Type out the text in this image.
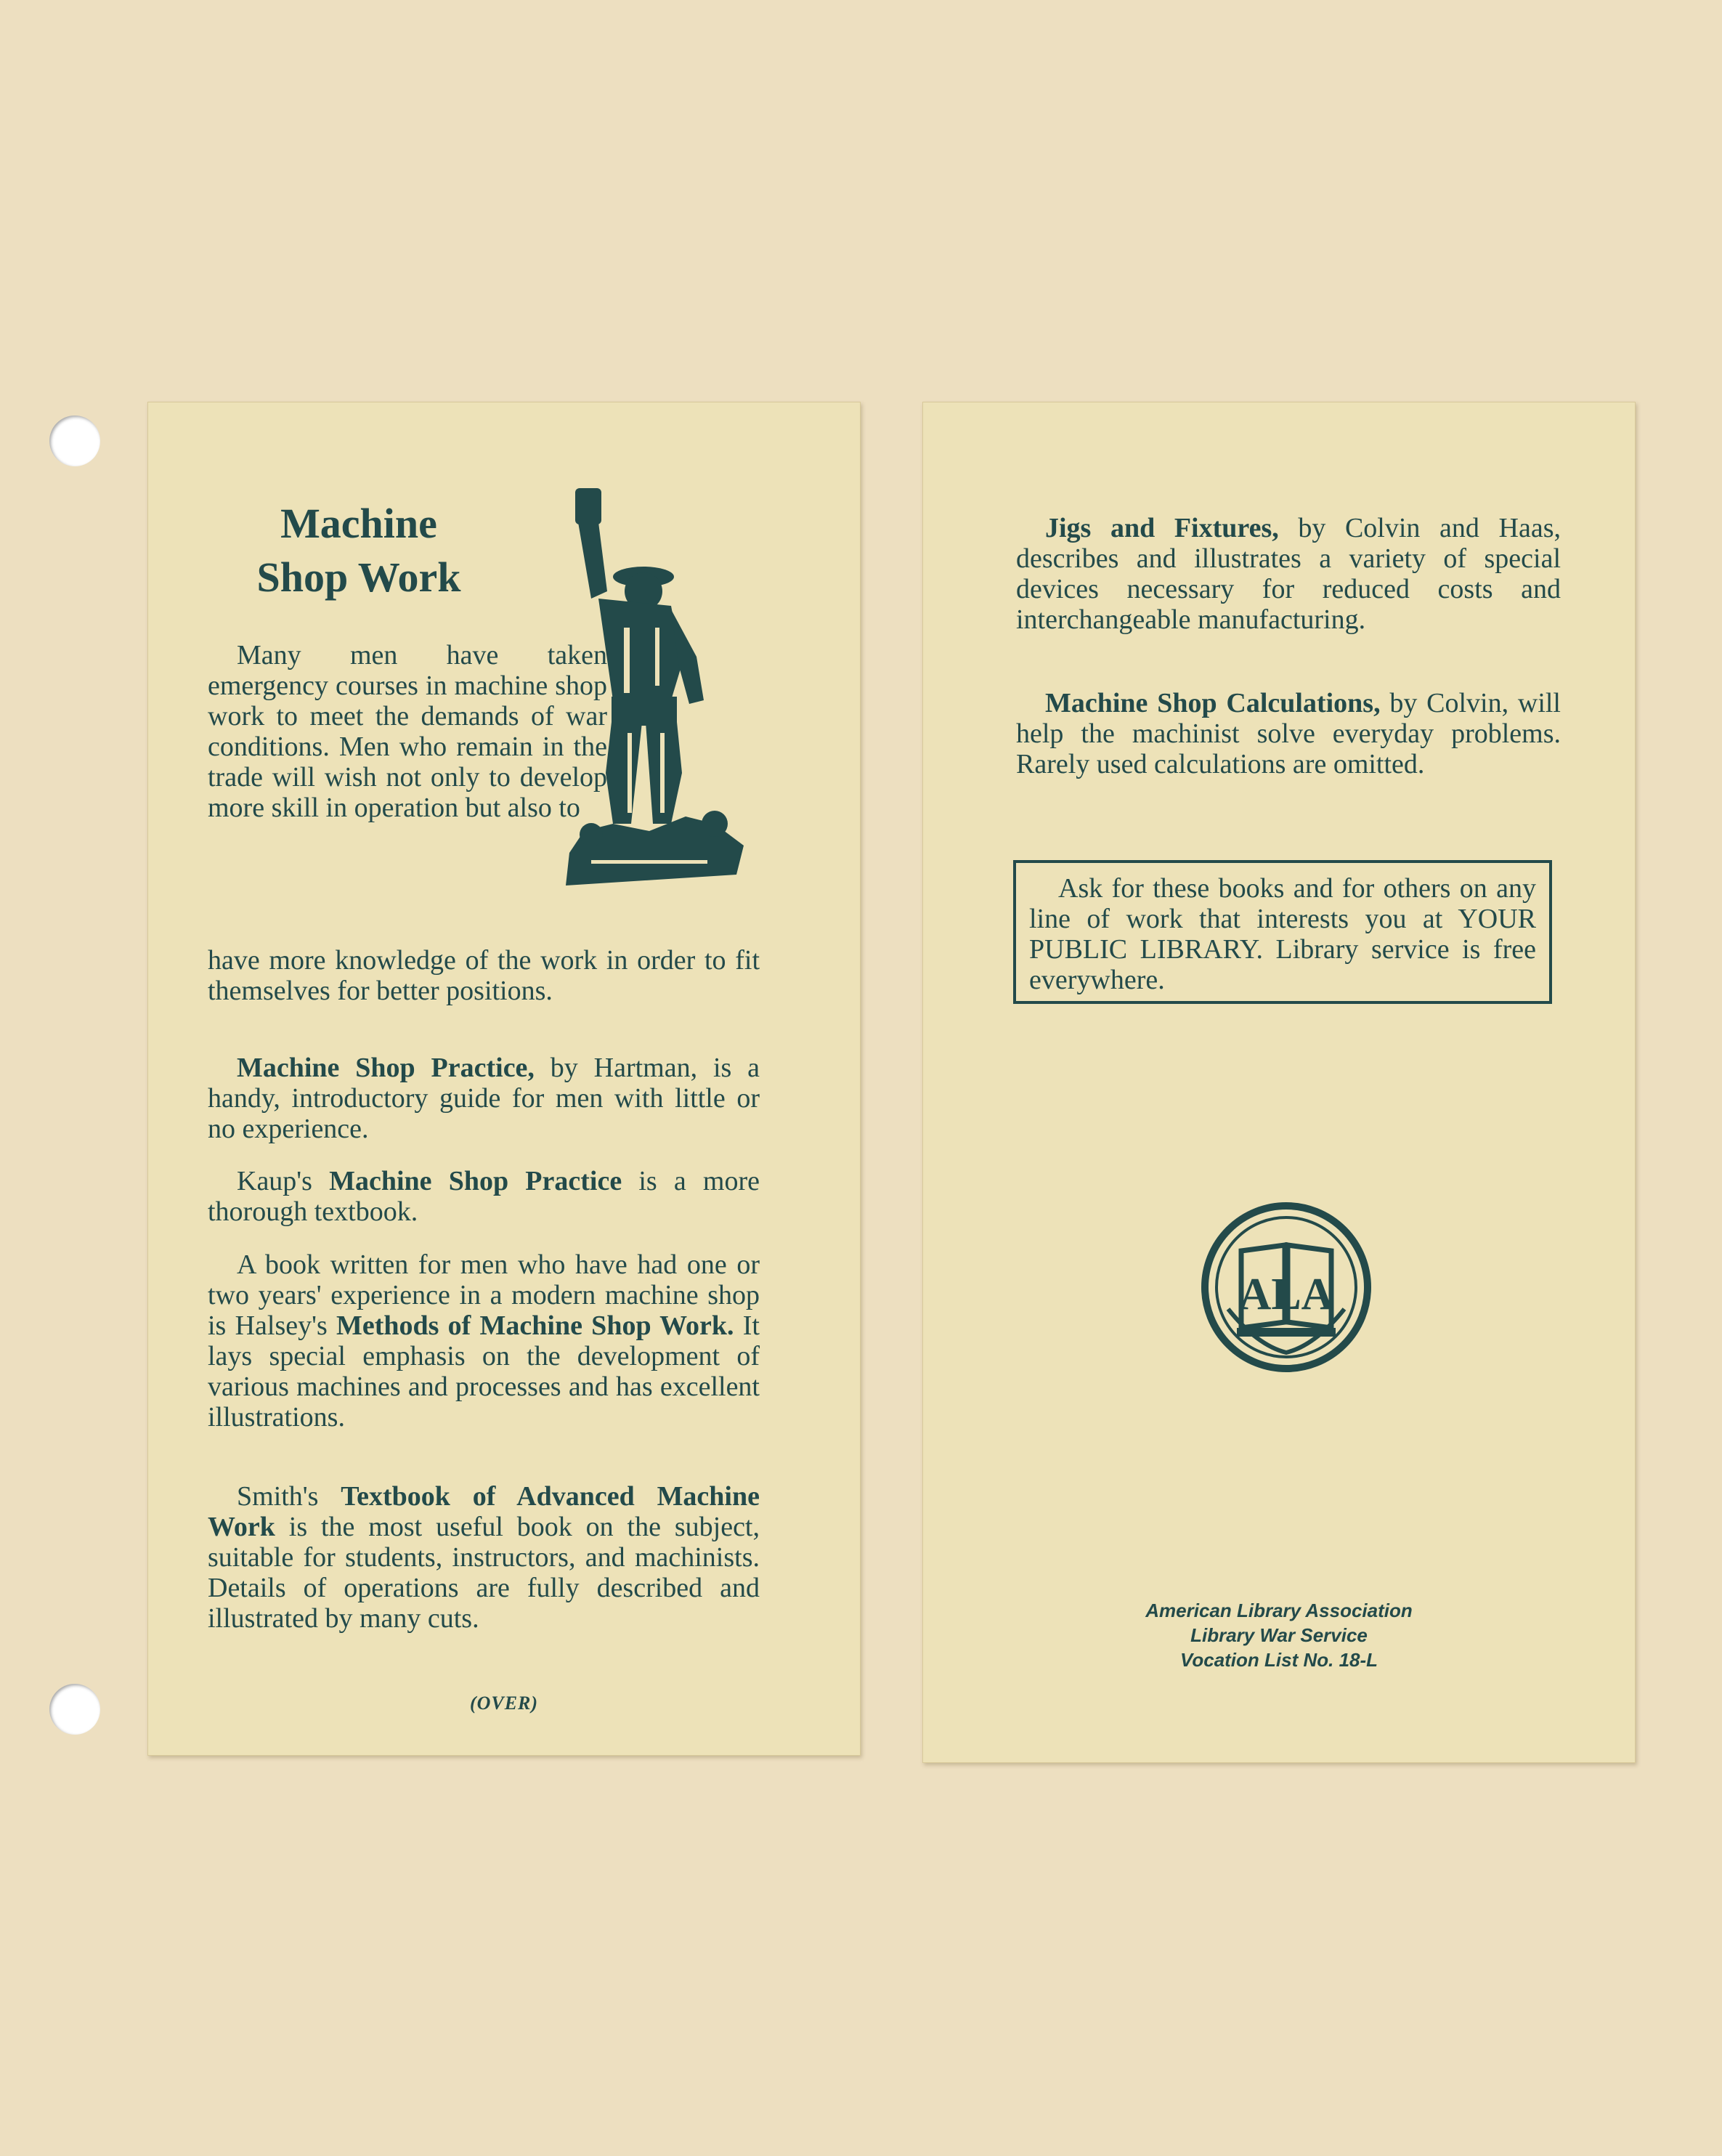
Machine
Shop Work

Many men have taken emergency courses in machine shop work to meet the demands of war conditions. Men who remain in the trade will wish not only to develop more skill in operation but also to

have more knowledge of the work in order to fit themselves for better positions.

Machine Shop Practice, by Hartman, is a handy, introductory guide for men with little or no experience.

Kaup's Machine Shop Practice is a more thorough textbook.

A book written for men who have had one or two years' experience in a modern machine shop is Halsey's Methods of Machine Shop Work. It lays special emphasis on the development of various machines and processes and has excellent illustrations.

Smith's Textbook of Advanced Machine Work is the most useful book on the subject, suitable for students, instructors, and machinists. Details of operations are fully described and illustrated by many cuts.

(OVER)

Jigs and Fixtures, by Colvin and Haas, describes and illustrates a variety of special devices necessary for reduced costs and interchangeable manufacturing.

Machine Shop Calculations, by Colvin, will help the machinist solve everyday problems. Rarely used calculations are omitted.

Ask for these books and for others on any line of work that interests you at YOUR PUBLIC LIBRARY. Library service is free everywhere.
ALA
American Library Association
Library War Service
Vocation List No. 18-L
